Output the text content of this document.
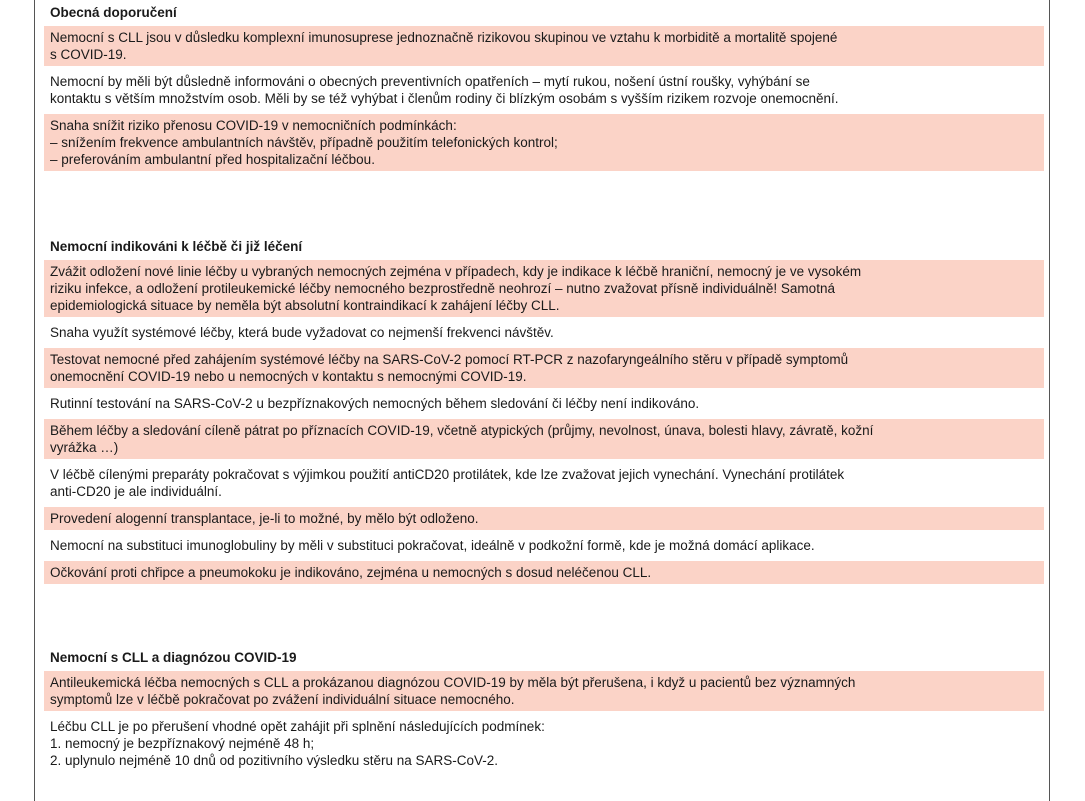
Obecná doporučení
Nemocní s CLL jsou v důsledku komplexní imunosuprese jednoznačně rizikovou skupinou ve vztahu k morbiditě a mortalitě spojené
s COVID-19.
Nemocní by měli být důsledně informováni o obecných preventivních opatřeních – mytí rukou, nošení ústní roušky, vyhýbání se
kontaktu s větším množstvím osob. Měli by se též vyhýbat i členům rodiny či blízkým osobám s vyšším rizikem rozvoje onemocnění.
Snaha snížit riziko přenosu COVID-19 v nemocničních podmínkách:
– snížením frekvence ambulantních návštěv, případně použitím telefonických kontrol;
– preferováním ambulantní před hospitalizační léčbou.
Nemocní indikováni k léčbě či již léčení
Zvážit odložení nové linie léčby u vybraných nemocných zejména v případech, kdy je indikace k léčbě hraniční, nemocný je ve vysokém
riziku infekce, a odložení protileukemické léčby nemocného bezprostředně neohrozí – nutno zvažovat přísně individuálně! Samotná
epidemiologická situace by neměla být absolutní kontraindikací k zahájení léčby CLL.
Snaha využít systémové léčby, která bude vyžadovat co nejmenší frekvenci návštěv.
Testovat nemocné před zahájením systémové léčby na SARS-CoV-2 pomocí RT-PCR z nazofaryngeálního stěru v případě symptomů
onemocnění COVID-19 nebo u nemocných v kontaktu s nemocnými COVID-19.
Rutinní testování na SARS-CoV-2 u bezpříznakových nemocných během sledování či léčby není indikováno.
Během léčby a sledování cíleně pátrat po příznacích COVID-19, včetně atypických (průjmy, nevolnost, únava, bolesti hlavy, závratě, kožní
vyrážka …)
V léčbě cílenými preparáty pokračovat s výjimkou použití antiCD20 protilátek, kde lze zvažovat jejich vynechání. Vynechání protilátek
anti-CD20 je ale individuální.
Provedení alogenní transplantace, je-li to možné, by mělo být odloženo.
Nemocní na substituci imunoglobuliny by měli v substituci pokračovat, ideálně v podkožní formě, kde je možná domácí aplikace.
Očkování proti chřipce a pneumokoku je indikováno, zejména u nemocných s dosud neléčenou CLL.
Nemocní s CLL a diagnózou COVID-19
Antileukemická léčba nemocných s CLL a prokázanou diagnózou COVID-19 by měla být přerušena, i když u pacientů bez významných
symptomů lze v léčbě pokračovat po zvážení individuální situace nemocného.
Léčbu CLL je po přerušení vhodné opět zahájit při splnění následujících podmínek:
1. nemocný je bezpříznakový nejméně 48 h;
2. uplynulo nejméně 10 dnů od pozitivního výsledku stěru na SARS-CoV-2.
